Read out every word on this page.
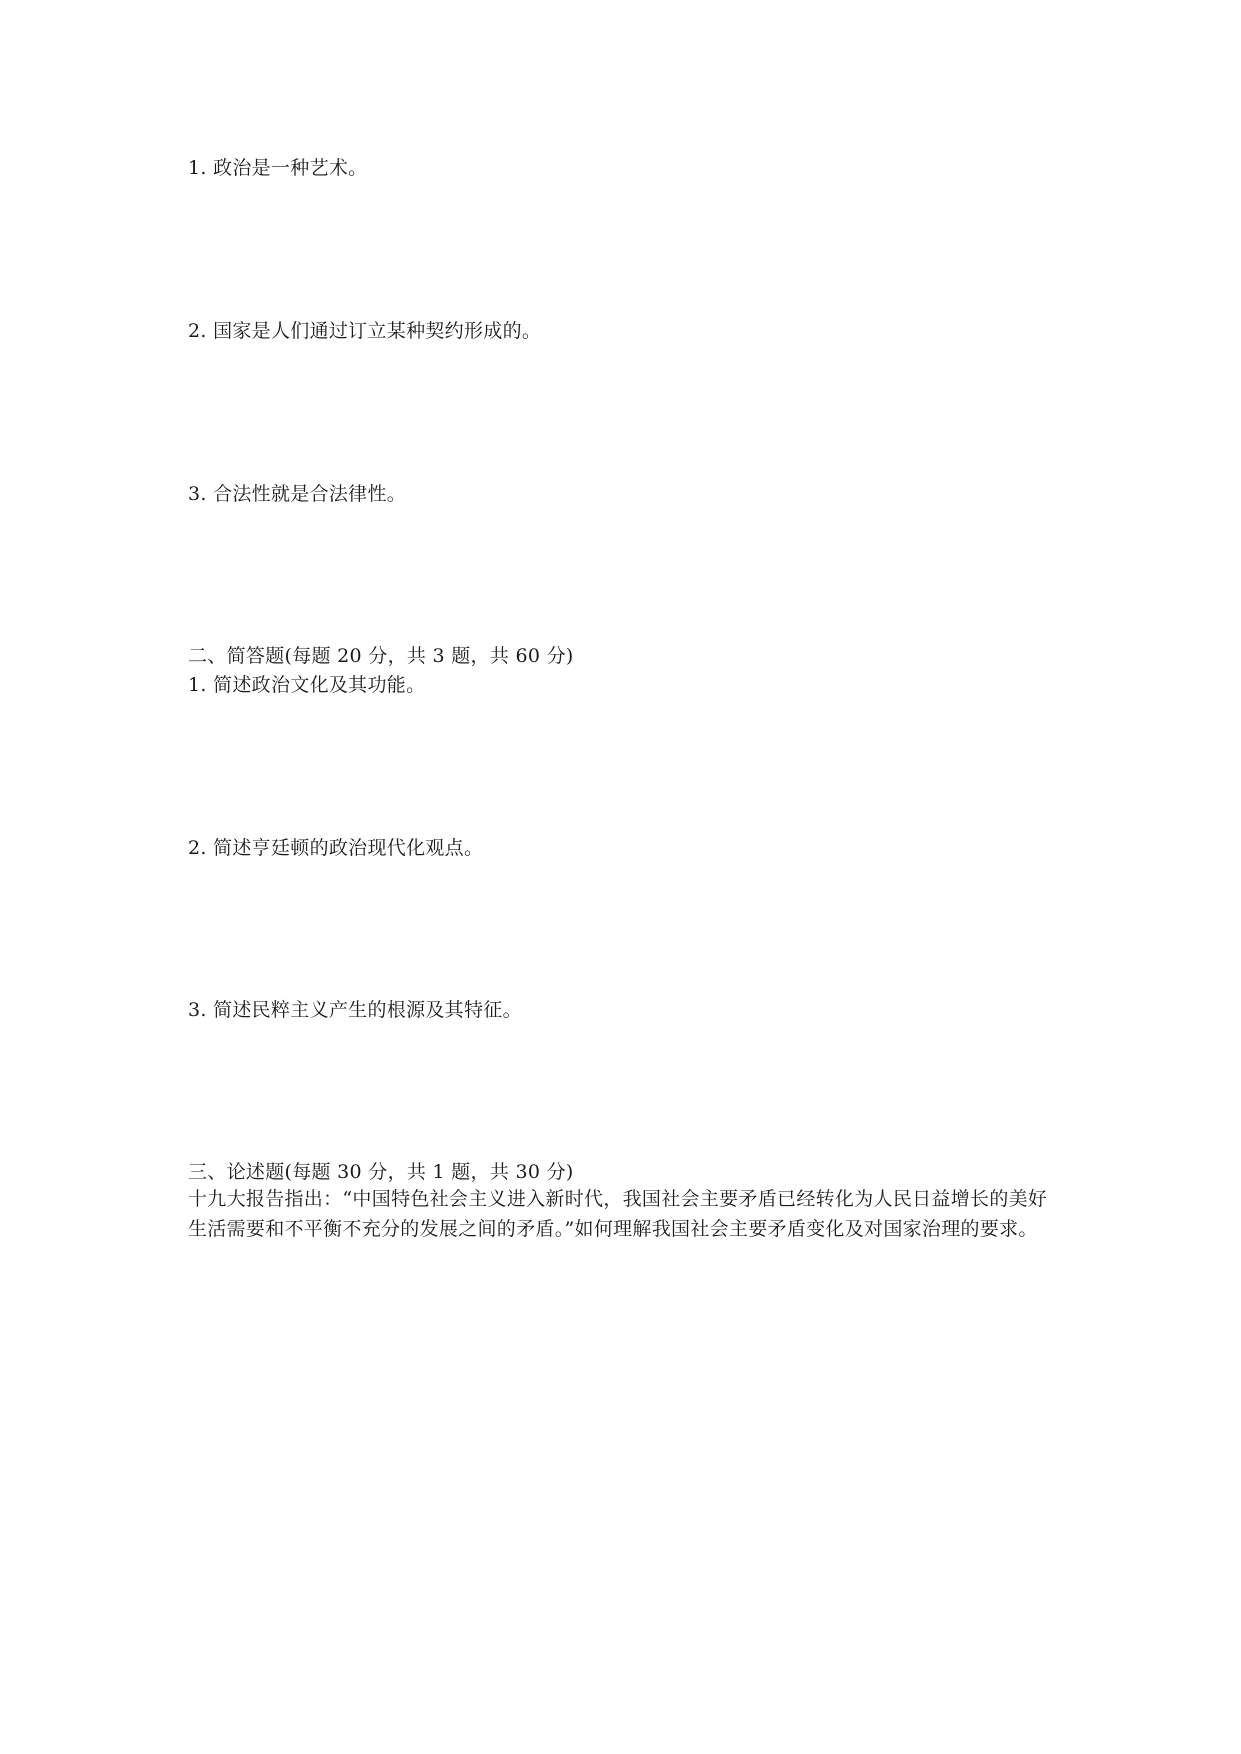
1. 政治是一种艺术。
2. 国家是人们通过订立某种契约形成的。
3. 合法性就是合法律性。
二、简答题(每题 20 分，共 3 题，共 60 分)
1. 简述政治文化及其功能。
2. 简述亨廷顿的政治现代化观点。
3. 简述民粹主义产生的根源及其特征。
三、论述题(每题 30 分，共 1 题，共 30 分)
十九大报告指出：“中国特色社会主义进入新时代，我国社会主要矛盾已经转化为人民日益增长的美好生活需要和不平衡不充分的发展之间的矛盾。”如何理解我国社会主要矛盾变化及对国家治理的要求。
